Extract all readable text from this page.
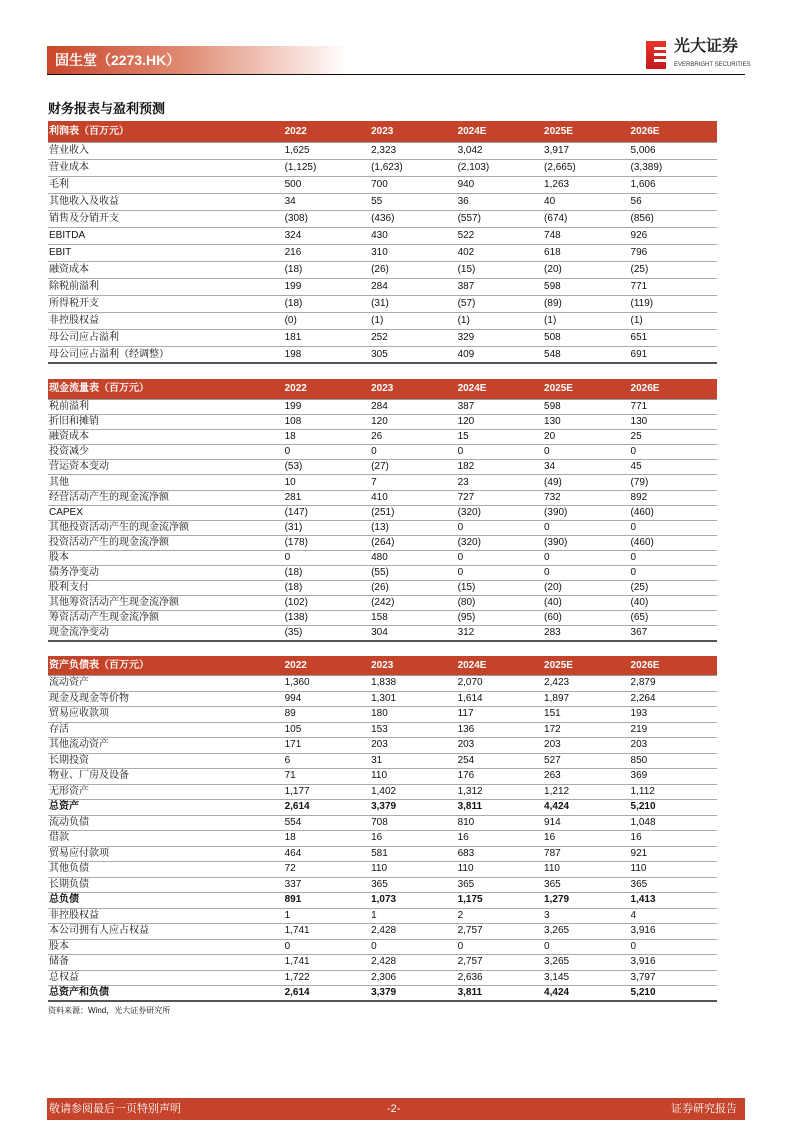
固生堂（2273.HK）
光大证券
EVERBRIGHT SECURITIES
财务报表与盈利预测
利润表（百万元）	2022	2023	2024E	2025E	2026E
营业收入	1,625	2,323	3,042	3,917	5,006
营业成本	(1,125)	(1,623)	(2,103)	(2,665)	(3,389)
毛利	500	700	940	1,263	1,606
其他收入及收益	34	55	36	40	56
销售及分销开支	(308)	(436)	(557)	(674)	(856)
EBITDA	324	430	522	748	926
EBIT	216	310	402	618	796
融资成本	(18)	(26)	(15)	(20)	(25)
除税前溢利	199	284	387	598	771
所得税开支	(18)	(31)	(57)	(89)	(119)
非控股权益	(0)	(1)	(1)	(1)	(1)
母公司应占溢利	181	252	329	508	651
母公司应占溢利（经调整）	198	305	409	548	691
现金流量表（百万元）	2022	2023	2024E	2025E	2026E
税前溢利	199	284	387	598	771
折旧和摊销	108	120	120	130	130
融资成本	18	26	15	20	25
投资减少	0	0	0	0	0
营运资本变动	(53)	(27)	182	34	45
其他	10	7	23	(49)	(79)
经营活动产生的现金流净额	281	410	727	732	892
CAPEX	(147)	(251)	(320)	(390)	(460)
其他投资活动产生的现金流净额	(31)	(13)	0	0	0
投资活动产生的现金流净额	(178)	(264)	(320)	(390)	(460)
股本	0	480	0	0	0
债务净变动	(18)	(55)	0	0	0
股利支付	(18)	(26)	(15)	(20)	(25)
其他筹资活动产生现金流净额	(102)	(242)	(80)	(40)	(40)
筹资活动产生现金流净额	(138)	158	(95)	(60)	(65)
现金流净变动	(35)	304	312	283	367
资产负债表（百万元）	2022	2023	2024E	2025E	2026E
流动资产	1,360	1,838	2,070	2,423	2,879
现金及现金等价物	994	1,301	1,614	1,897	2,264
贸易应收款项	89	180	117	151	193
存活	105	153	136	172	219
其他流动资产	171	203	203	203	203
长期投资	6	31	254	527	850
物业、厂房及设备	71	110	176	263	369
无形资产	1,177	1,402	1,312	1,212	1,112
总资产	2,614	3,379	3,811	4,424	5,210
流动负债	554	708	810	914	1,048
借款	18	16	16	16	16
贸易应付款项	464	581	683	787	921
其他负债	72	110	110	110	110
长期负债	337	365	365	365	365
总负债	891	1,073	1,175	1,279	1,413
非控股权益	1	1	2	3	4
本公司拥有人应占权益	1,741	2,428	2,757	3,265	3,916
股本	0	0	0	0	0
储备	1,741	2,428	2,757	3,265	3,916
总权益	1,722	2,306	2,636	3,145	3,797
总资产和负债	2,614	3,379	3,811	4,424	5,210
资料来源：Wind，光大证券研究所
敬请参阅最后一页特别声明	-2-	证券研究报告
